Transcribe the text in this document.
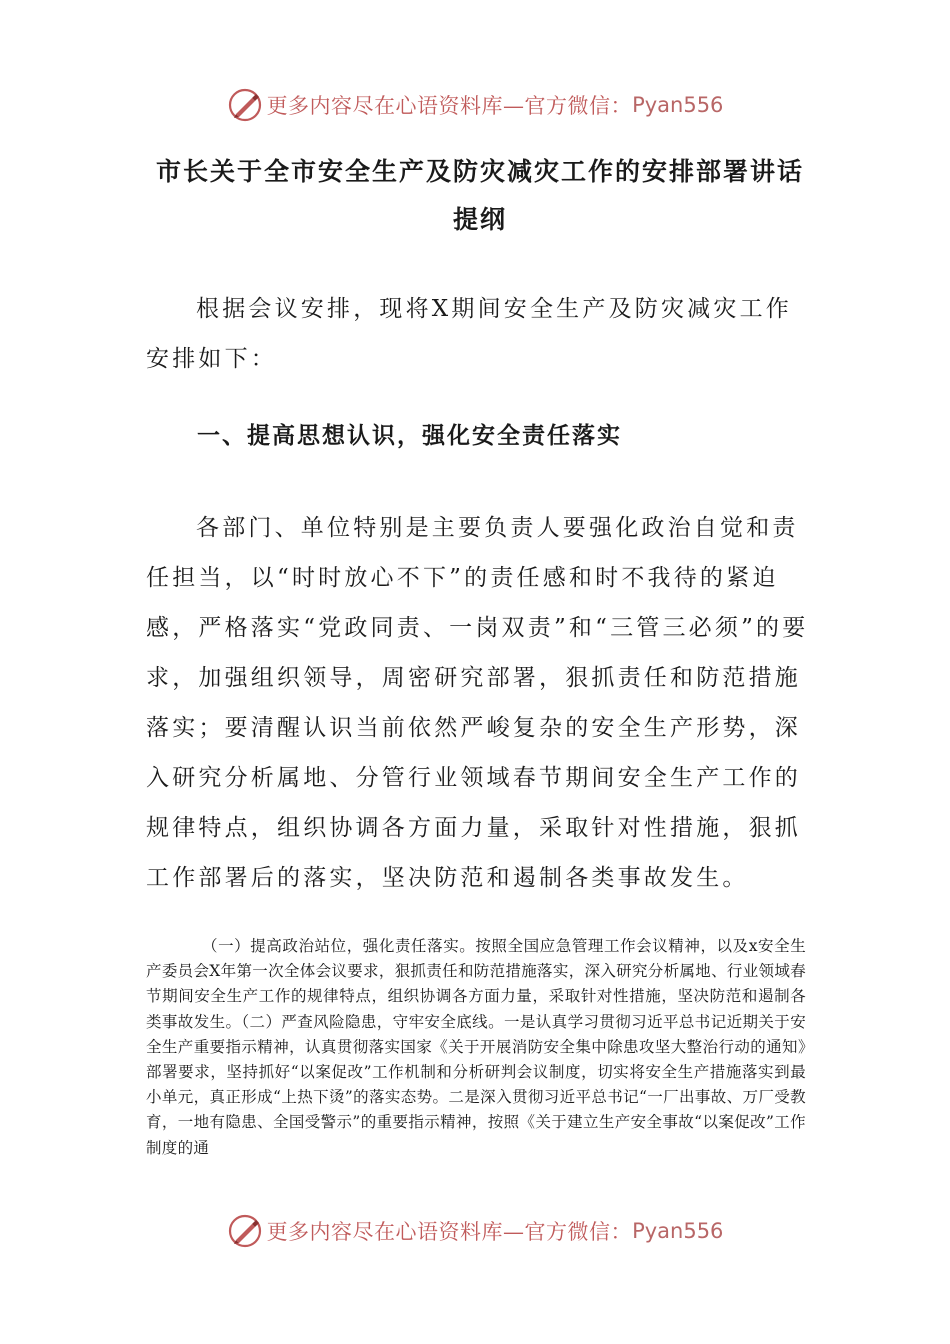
更多内容尽在心语资料库—官方微信： Pyan556
市长关于全市安全生产及防灾减灾工作的安排部署讲话提纲

根据会议安排，现将X期间安全生产及防灾减灾工作安排如下：

一、提高思想认识，强化安全责任落实

各部门、单位特别是主要负责人要强化政治自觉和责任担当，以“时时放心不下”的责任感和时不我待的紧迫感，严格落实“党政同责、一岗双责”和“三管三必须”的要求，加强组织领导，周密研究部署，狠抓责任和防范措施落实；要清醒认识当前依然严峻复杂的安全生产形势，深入研究分析属地、分管行业领域春节期间安全生产工作的规律特点，组织协调各方面力量，采取针对性措施，狠抓工作部署后的落实，坚决防范和遏制各类事故发生。

（一）提高政治站位，强化责任落实。按照全国应急管理工作会议精神，以及x安全生产委员会X年第一次全体会议要求，狠抓责任和防范措施落实，深入研究分析属地、行业领域春节期间安全生产工作的规律特点，组织协调各方面力量，采取针对性措施，坚决防范和遏制各类事故发生。（二）严查风险隐患，守牢安全底线。一是认真学习贯彻习近平总书记近期关于安全生产重要指示精神，认真贯彻落实国家《关于开展消防安全集中除患攻坚大整治行动的通知》部署要求，坚持抓好“以案促改”工作机制和分析研判会议制度，切实将安全生产措施落实到最小单元，真正形成“上热下烫”的落实态势。二是深入贯彻习近平总书记“一厂出事故、万厂受教育，一地有隐患、全国受警示”的重要指示精神，按照《关于建立生产安全事故“以案促改”工作制度的通

更多内容尽在心语资料库—官方微信： Pyan556
